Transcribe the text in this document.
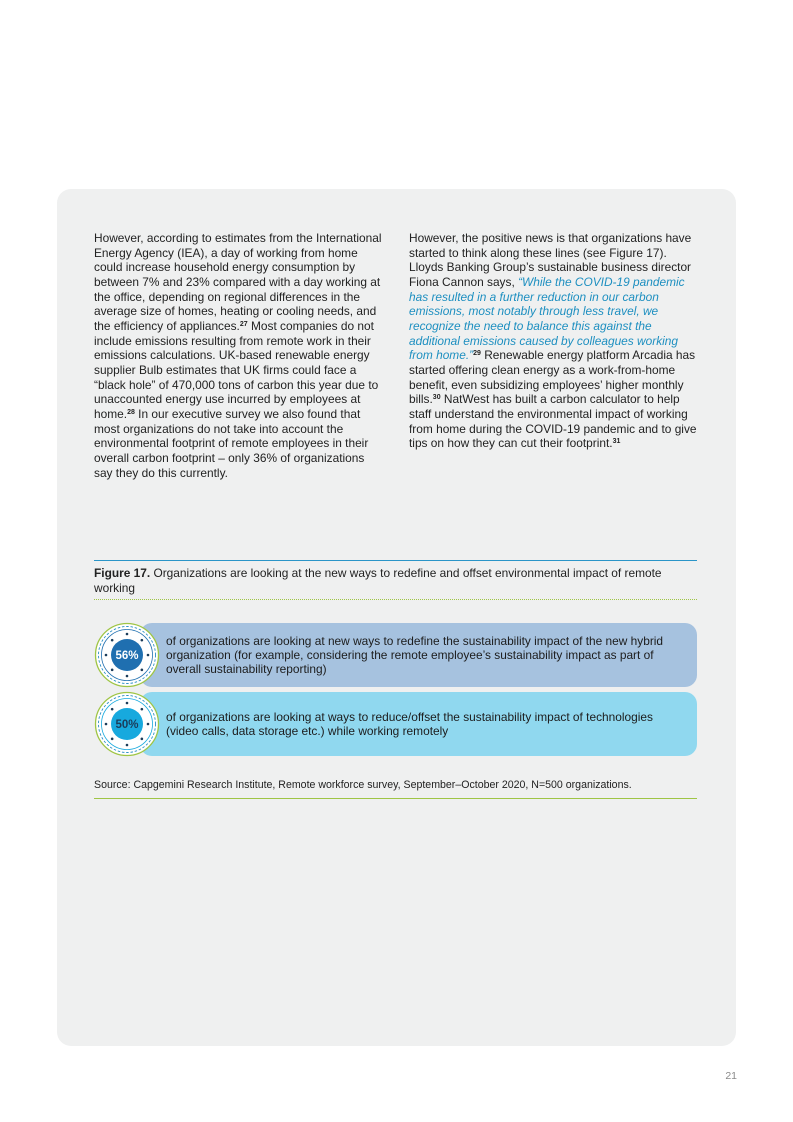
However, according to estimates from the International Energy Agency (IEA), a day of working from home could increase household energy consumption by between 7% and 23% compared with a day working at the office, depending on regional differences in the average size of homes, heating or cooling needs, and the efficiency of appliances.$^{27}$ Most companies do not include emissions resulting from remote work in their emissions calculations. UK-based renewable energy supplier Bulb estimates that UK firms could face a “black hole” of 470,000 tons of carbon this year due to unaccounted energy use incurred by employees at home.$^{28}$ In our executive survey we also found that most organizations do not take into account the environmental footprint of remote employees in their overall carbon footprint – only 36% of organizations say they do this currently.

However, the positive news is that organizations have started to think along these lines (see Figure 17). Lloyds Banking Group’s sustainable business director Fiona Cannon says, “While the COVID-19 pandemic has resulted in a further reduction in our carbon emissions, most notably through less travel, we recognize the need to balance this against the additional emissions caused by colleagues working from home.”$^{29}$ Renewable energy platform Arcadia has started offering clean energy as a work-from-home benefit, even subsidizing employees’ higher monthly bills.$^{30}$ NatWest has built a carbon calculator to help staff understand the environmental impact of working from home during the COVID-19 pandemic and to give tips on how they can cut their footprint.$^{31}$

Figure 17. Organizations are looking at the new ways to redefine and offset environmental impact of remote working
of organizations are looking at new ways to redefine the sustainability impact of the new hybrid organization (for example, considering the remote employee’s sustainability impact as part of overall sustainability reporting)
56%
of organizations are looking at ways to reduce/offset the sustainability impact of technologies (video calls, data storage etc.) while working remotely
50%
Source: Capgemini Research Institute, Remote workforce survey, September–October 2020, N=500 organizations.
21
